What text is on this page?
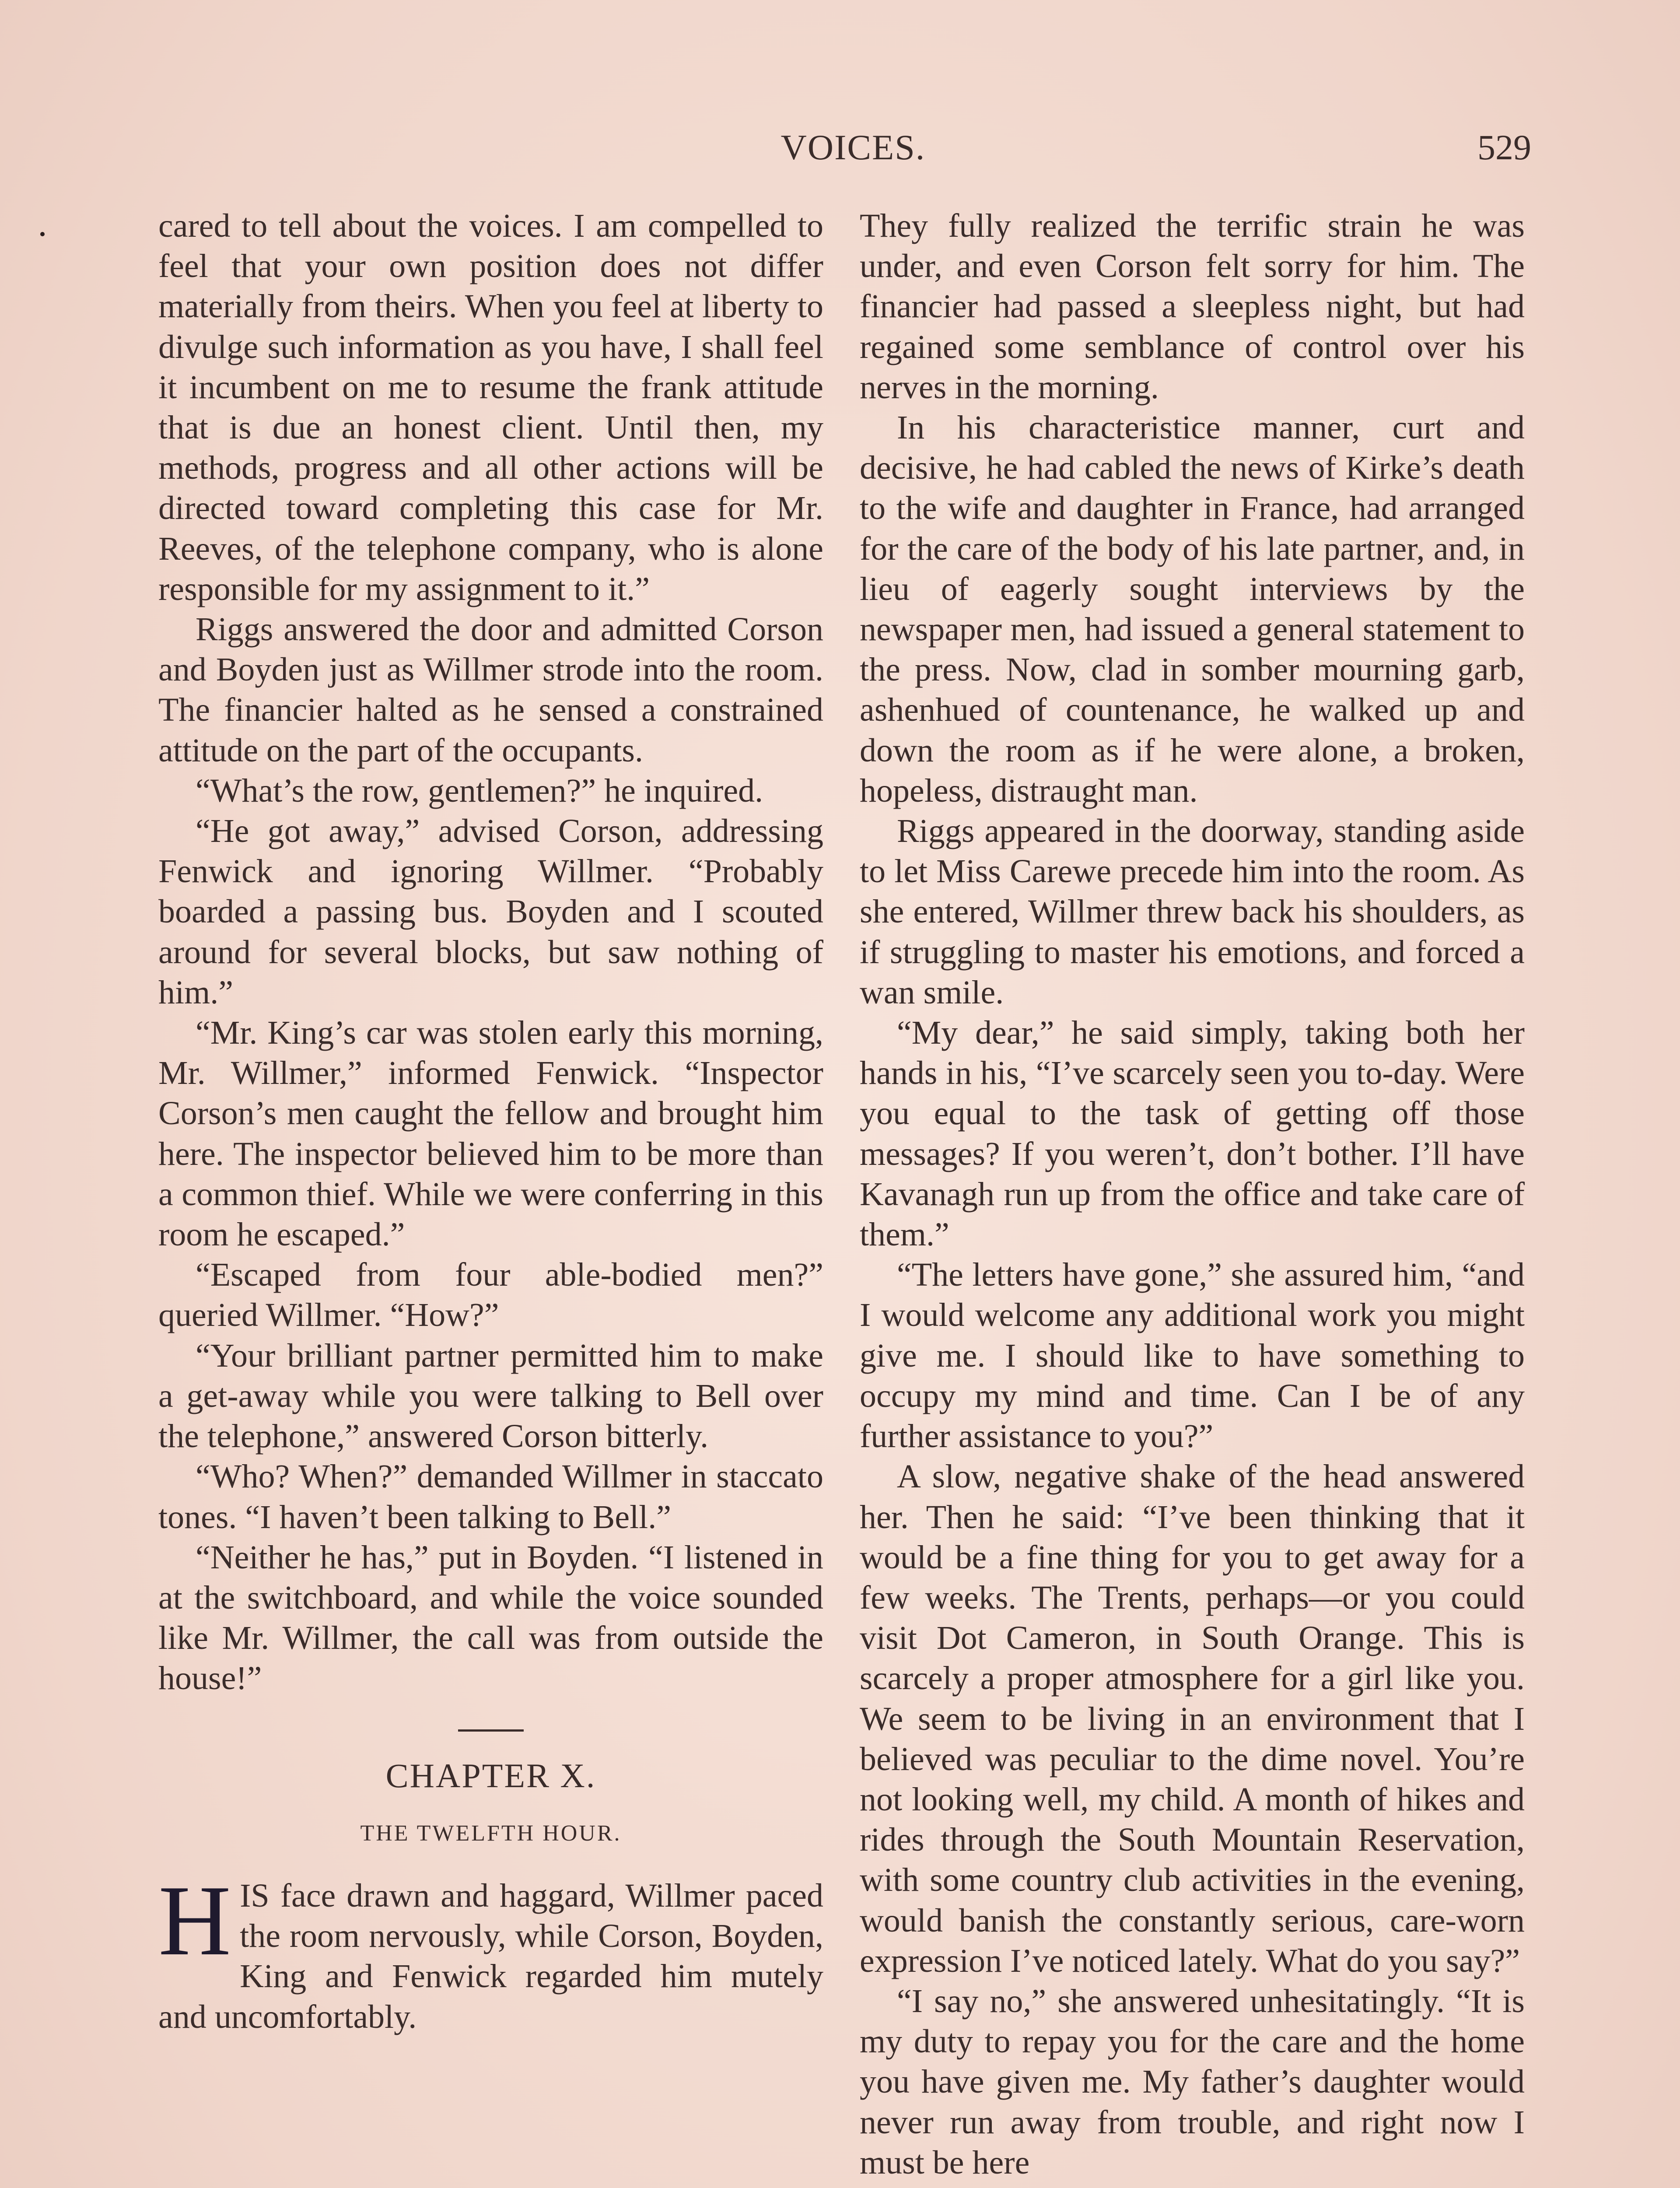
VOICES.	529

cared to tell about the voices. I am compelled to feel that your own position does not differ materially from theirs. When you feel at liberty to divulge such information as you have, I shall feel it incumbent on me to resume the frank attitude that is due an honest client. Until then, my methods, progress and all other actions will be directed toward completing this case for Mr. Reeves, of the telephone company, who is alone responsible for my assignment to it.”

Riggs answered the door and admitted Corson and Boyden just as Willmer strode into the room. The financier halted as he sensed a constrained attitude on the part of the occupants.

“What’s the row, gentlemen?” he inquired.

“He got away,” advised Corson, addressing Fenwick and ignoring Willmer. “Probably boarded a passing bus. Boyden and I scouted around for several blocks, but saw nothing of him.”

“Mr. King’s car was stolen early this morning, Mr. Willmer,” informed Fenwick. “Inspector Corson’s men caught the fellow and brought him here. The inspector believed him to be more than a common thief. While we were conferring in this room he escaped.”

“Escaped from four able-bodied men?” queried Willmer. “How?”

“Your brilliant partner permitted him to make a get-away while you were talking to Bell over the telephone,” answered Corson bitterly.

“Who? When?” demanded Willmer in staccato tones. “I haven’t been talking to Bell.”

“Neither he has,” put in Boyden. “I listened in at the switchboard, and while the voice sounded like Mr. Willmer, the call was from outside the house!”

CHAPTER X.
THE TWELFTH HOUR.

H IS face drawn and haggard, Willmer paced the room nervously, while Corson, Boyden, King and Fenwick regarded him mutely and uncomfortably.

They fully realized the terrific strain he was under, and even Corson felt sorry for him. The financier had passed a sleepless night, but had regained some semblance of control over his nerves in the morning.

In his characteristice manner, curt and decisive, he had cabled the news of Kirke’s death to the wife and daughter in France, had arranged for the care of the body of his late partner, and, in lieu of eagerly sought interviews by the newspaper men, had issued a general statement to the press. Now, clad in somber mourning garb, ashenhued of countenance, he walked up and down the room as if he were alone, a broken, hopeless, distraught man.

Riggs appeared in the doorway, standing aside to let Miss Carewe precede him into the room. As she entered, Willmer threw back his shoulders, as if struggling to master his emotions, and forced a wan smile.

“My dear,” he said simply, taking both her hands in his, “I’ve scarcely seen you to-day. Were you equal to the task of getting off those messages? If you weren’t, don’t bother. I’ll have Kavanagh run up from the office and take care of them.”

“The letters have gone,” she assured him, “and I would welcome any additional work you might give me. I should like to have something to occupy my mind and time. Can I be of any further assistance to you?”

A slow, negative shake of the head answered her. Then he said: “I’ve been thinking that it would be a fine thing for you to get away for a few weeks. The Trents, perhaps—or you could visit Dot Cameron, in South Orange. This is scarcely a proper atmosphere for a girl like you. We seem to be living in an environment that I believed was peculiar to the dime novel. You’re not looking well, my child. A month of hikes and rides through the South Mountain Reservation, with some country club activities in the evening, would banish the constantly serious, care-worn expression I’ve noticed lately. What do you say?”

“I say no,” she answered unhesitatingly. “It is my duty to repay you for the care and the home you have given me. My father’s daughter would never run away from trouble, and right now I must be here
